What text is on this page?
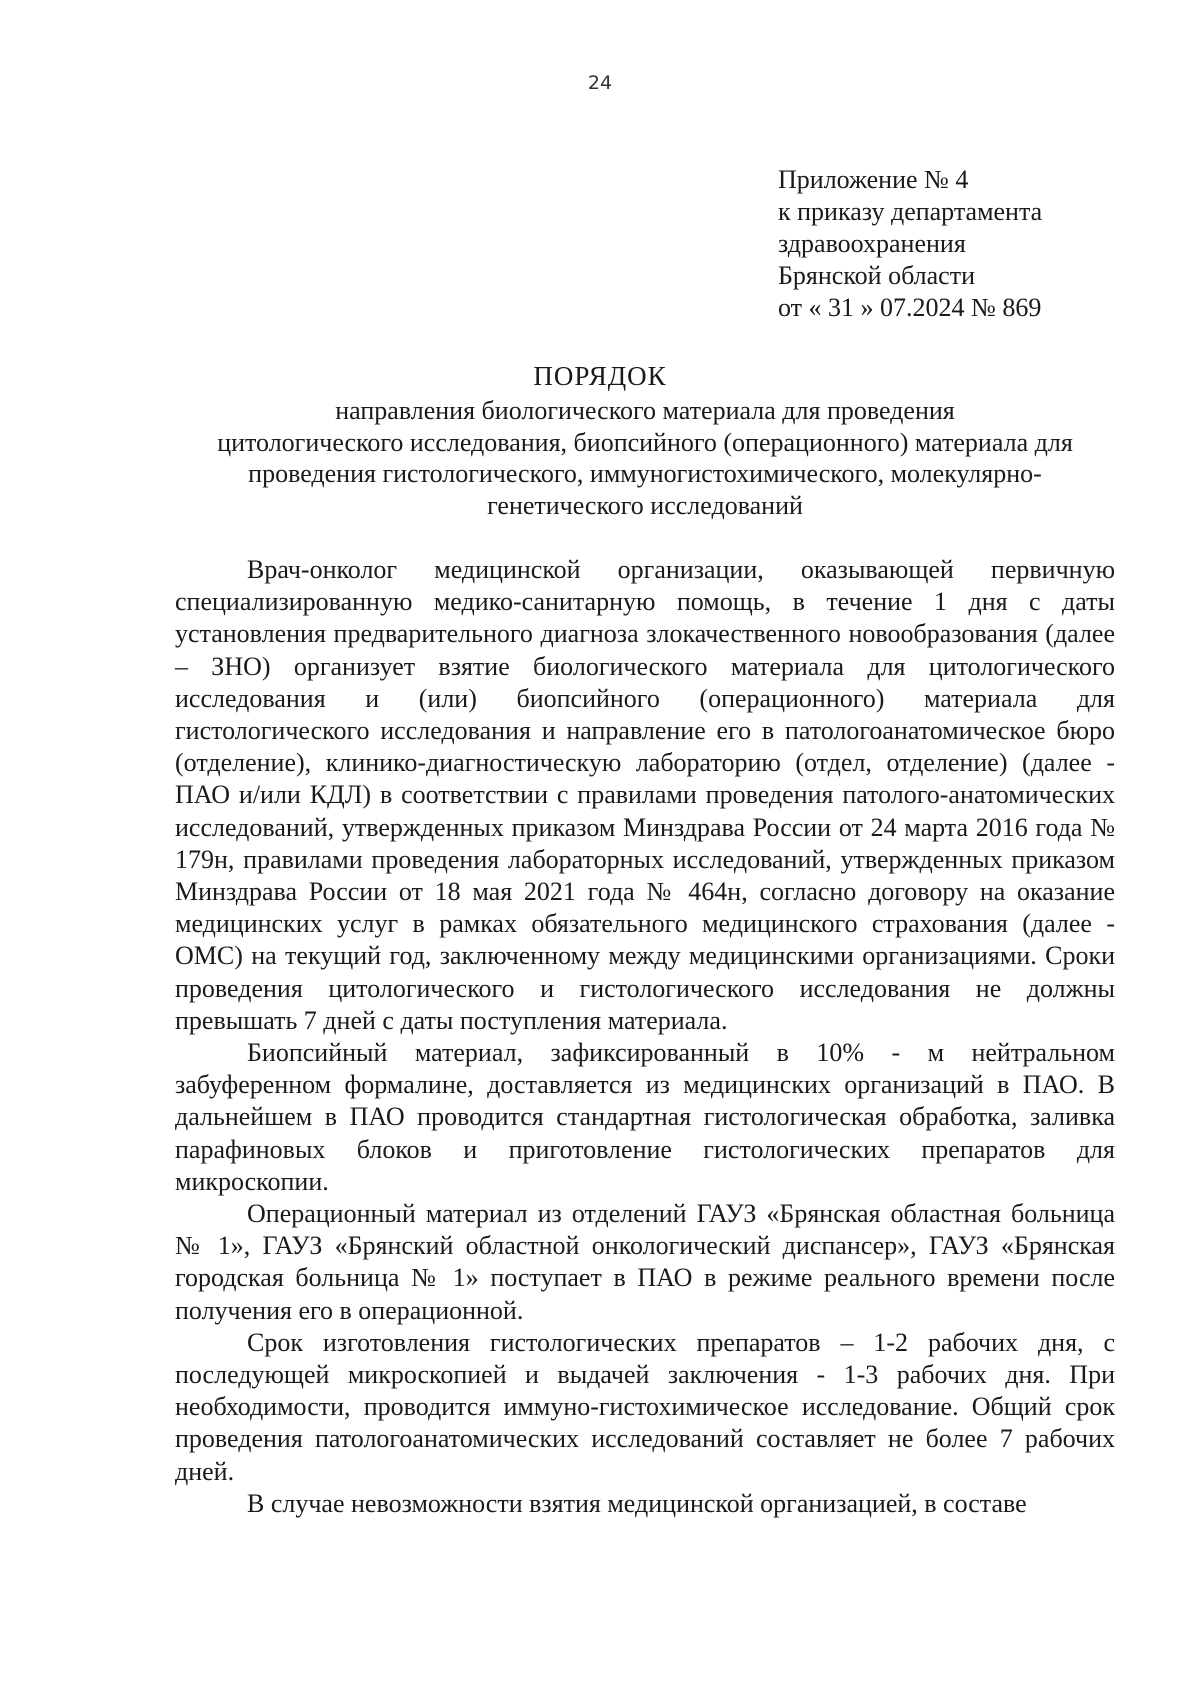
24
Приложение № 4
к приказу департамента
здравоохранения
Брянской области
от « 31 » 07.2024 № 869
ПОРЯДОК
направления биологического материала для проведения
цитологического исследования, биопсийного (операционного) материала для
проведения гистологического, иммуногистохимического, молекулярно-
генетического исследований

Врач-онколог медицинской организации, оказывающей первичную специализированную медико-санитарную помощь, в течение 1 дня с даты установления предварительного диагноза злокачественного новообразования (далее – ЗНО) организует взятие биологического материала для цитологического исследования и (или) биопсийного (операционного) материала для гистологического исследования и направление его в патологоанатомическое бюро (отделение), клинико-диагностическую лабораторию (отдел, отделение) (далее - ПАО и/или КДЛ) в соответствии с правилами проведения патолого-анатомических исследований, утвержденных приказом Минздрава России от 24 марта 2016 года № 179н, правилами проведения лабораторных исследований, утвержденных приказом Минздрава России от 18 мая 2021 года № 464н, согласно договору на оказание медицинских услуг в рамках обязательного медицинского страхования (далее - ОМС) на текущий год, заключенному между медицинскими организациями. Сроки проведения цитологического и гистологического исследования не должны превышать 7 дней с даты поступления материала.

Биопсийный материал, зафиксированный в 10% - м нейтральном забуференном формалине, доставляется из медицинских организаций в ПАО. В дальнейшем в ПАО проводится стандартная гистологическая обработка, заливка парафиновых блоков и приготовление гистологических препаратов для микроскопии.

Операционный материал из отделений ГАУЗ «Брянская областная больница № 1», ГАУЗ «Брянский областной онкологический диспансер», ГАУЗ «Брянская городская больница № 1» поступает в ПАО в режиме реального времени после получения его в операционной.

Срок изготовления гистологических препаратов – 1-2 рабочих дня, с последующей микроскопией и выдачей заключения - 1-3 рабочих дня. При необходимости, проводится иммуно-гистохимическое исследование. Общий срок проведения патологоанатомических исследований составляет не более 7 рабочих дней.

В случае невозможности взятия медицинской организацией, в составе
